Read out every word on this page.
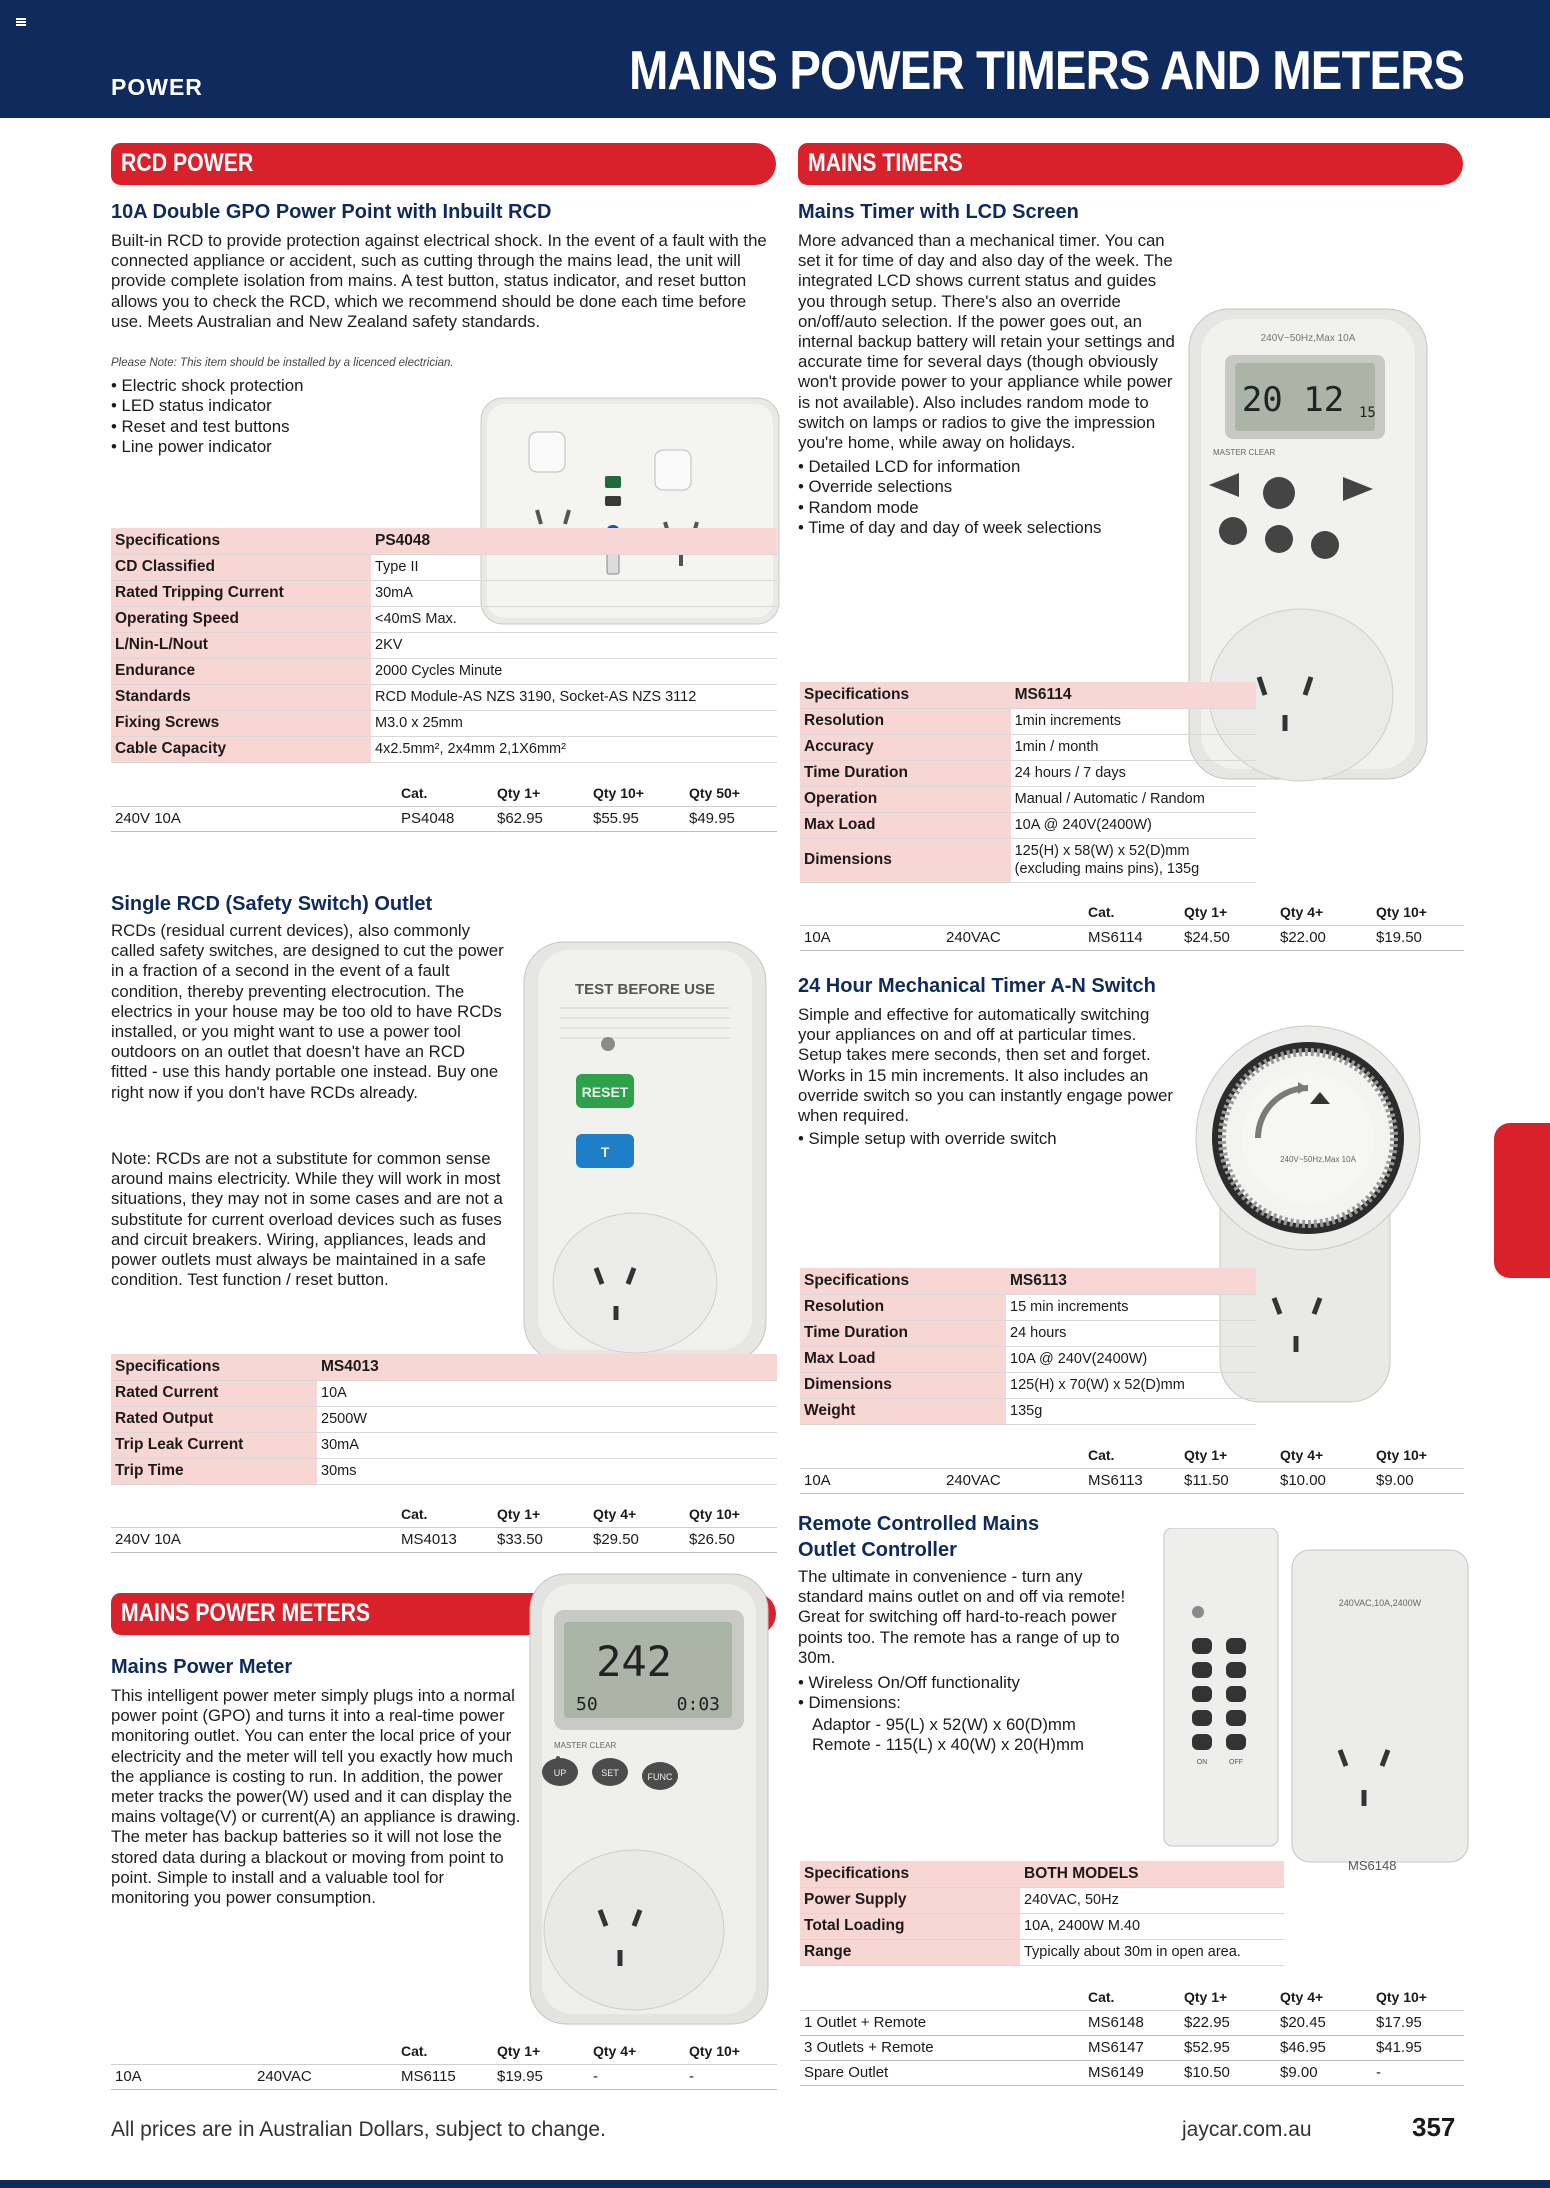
POWER	MAINS POWER TIMERS AND METERS
RCD POWER
10A Double GPO Power Point with Inbuilt RCD
Built-in RCD to provide protection against electrical shock. In the event of a fault with the connected appliance or accident, such as cutting through the mains lead, the unit will provide complete isolation from mains. A test button, status indicator, and reset button allows you to check the RCD, which we recommend should be done each time before use. Meets Australian and New Zealand safety standards.
Please Note: This item should be installed by a licenced electrician.
• Electric shock protection
• LED status indicator
• Reset and test buttons
• Line power indicator
Specifications	PS4048
CD Classified	Type II
Rated Tripping Current	30mA
Operating Speed	<40mS Max.
L/Nin-L/Nout	2KV
Endurance	2000 Cycles Minute
Standards	RCD Module-AS NZS 3190, Socket-AS NZS 3112
Fixing Screws	M3.0 x 25mm
Cable Capacity	4x2.5mm², 2x4mm 2,1X6mm²
	Cat.	Qty 1+	Qty 10+	Qty 50+
240V 10A	PS4048	$62.95	$55.95	$49.95
Single RCD (Safety Switch) Outlet
RCDs (residual current devices), also commonly called safety switches, are designed to cut the power in a fraction of a second in the event of a fault condition, thereby preventing electrocution. The electrics in your house may be too old to have RCDs installed, or you might want to use a power tool outdoors on an outlet that doesn't have an RCD fitted - use this handy portable one instead. Buy one right now if you don't have RCDs already.
Note: RCDs are not a substitute for common sense around mains electricity. While they will work in most situations, they may not in some cases and are not a substitute for current overload devices such as fuses and circuit breakers. Wiring, appliances, leads and power outlets must always be maintained in a safe condition. Test function / reset button.
TEST BEFORE USE
RESET
T
Specifications	MS4013
Rated Current	10A
Rated Output	2500W
Trip Leak Current	30mA
Trip Time	30ms
	Cat.	Qty 1+	Qty 4+	Qty 10+
240V 10A	MS4013	$33.50	$29.50	$26.50
MAINS POWER METERS
Mains Power Meter
This intelligent power meter simply plugs into a normal power point (GPO) and turns it into a real-time power monitoring outlet. You can enter the local price of your electricity and the meter will tell you exactly how much the appliance is costing to run. In addition, the power meter tracks the power(W) used and it can display the mains voltage(V) or current(A) an appliance is drawing. The meter has backup batteries so it will not lose the stored data during a blackout or moving from point to point. Simple to install and a valuable tool for monitoring you power consumption.
242
50	0:03
MASTER CLEAR
UP	SET	FUNC
		Cat.	Qty 1+	Qty 4+	Qty 10+
10A	240VAC	MS6115	$19.95	-	-
MAINS TIMERS
Mains Timer with LCD Screen
More advanced than a mechanical timer. You can set it for time of day and also day of the week. The integrated LCD shows current status and guides you through setup. There's also an override on/off/auto selection. If the power goes out, an internal backup battery will retain your settings and accurate time for several days (though obviously won't provide power to your appliance while power is not available). Also includes random mode to switch on lamps or radios to give the impression you're home, while away on holidays.
• Detailed LCD for information
• Override selections
• Random mode
• Time of day and day of week selections
240V~50Hz,Max 10A
20 12 15
MASTER CLEAR
Specifications	MS6114
Resolution	1min increments
Accuracy	1min / month
Time Duration	24 hours / 7 days
Operation	Manual / Automatic / Random
Max Load	10A @ 240V(2400W)
Dimensions	125(H) x 58(W) x 52(D)mm (excluding mains pins), 135g
		Cat.	Qty 1+	Qty 4+	Qty 10+
10A	240VAC	MS6114	$24.50	$22.00	$19.50
24 Hour Mechanical Timer A-N Switch
Simple and effective for automatically switching your appliances on and off at particular times. Setup takes mere seconds, then set and forget. Works in 15 min increments. It also includes an override switch so you can instantly engage power when required.
• Simple setup with override switch
240V~50Hz,Max 10A
Specifications	MS6113
Resolution	15 min increments
Time Duration	24 hours
Max Load	10A @ 240V(2400W)
Dimensions	125(H) x 70(W) x 52(D)mm
Weight	135g
		Cat.	Qty 1+	Qty 4+	Qty 10+
10A	240VAC	MS6113	$11.50	$10.00	$9.00
Remote Controlled Mains
Outlet Controller
The ultimate in convenience - turn any standard mains outlet on and off via remote! Great for switching off hard-to-reach power points too. The remote has a range of up to 30m.
• Wireless On/Off functionality
• Dimensions:
Adaptor - 95(L) x 52(W) x 60(D)mm
Remote - 115(L) x 40(W) x 20(H)mm
ON	OFF
240VAC,10A,2400W
MS6148
Specifications	BOTH MODELS
Power Supply	240VAC, 50Hz
Total Loading	10A, 2400W M.40
Range	Typically about 30m in open area.
	Cat.	Qty 1+	Qty 4+	Qty 10+
1 Outlet + Remote	MS6148	$22.95	$20.45	$17.95
3 Outlets + Remote	MS6147	$52.95	$46.95	$41.95
Spare Outlet	MS6149	$10.50	$9.00	-
All prices are in Australian Dollars, subject to change.	jaycar.com.au	357
